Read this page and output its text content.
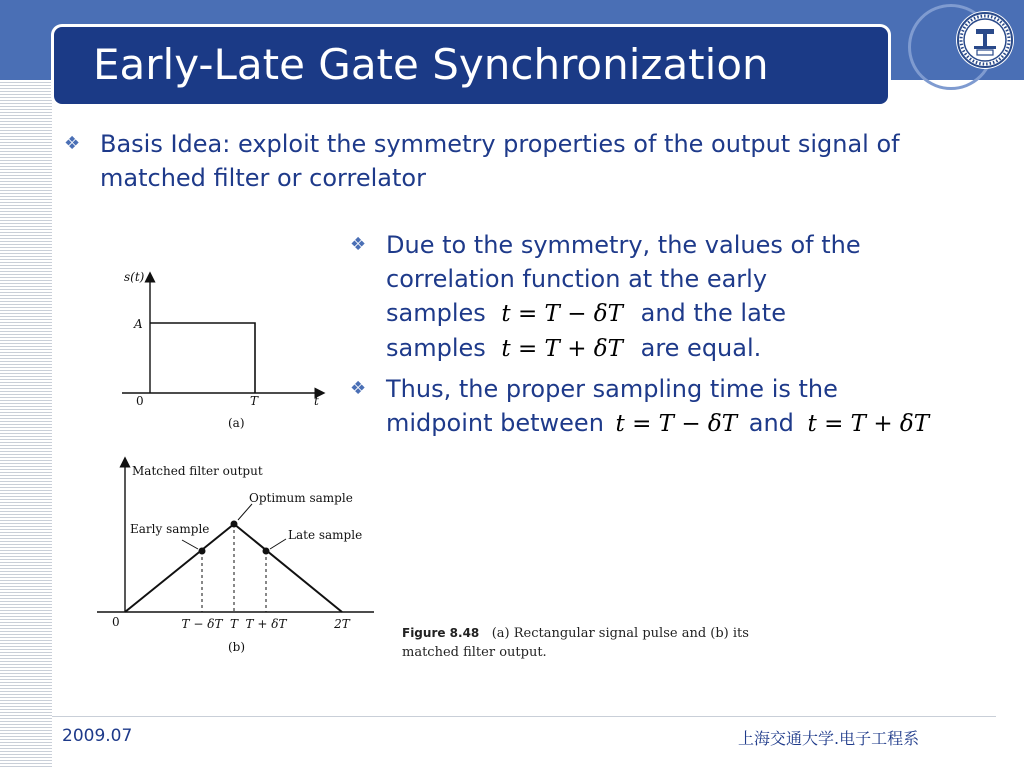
Early-Late Gate Synchronization
❖ Basis Idea: exploit the symmetry properties of the output signal of matched filter or correlator
❖ Due to the symmetry, the values of the
correlation function at the early
samples t = T − δT and the late
samples t = T + δT are equal.
❖ Thus, the proper sampling time is the
midpoint between t = T − δT and t = T + δT
s(t)
A
0	T	t
(a)
Matched filter output
Optimum sample
Early sample	Late sample
0	T − δT T T + δT	2T
(b)
Figure 8.48 (a) Rectangular signal pulse and (b) its
matched filter output.
2009.07	上海交通大学.电子工程系
